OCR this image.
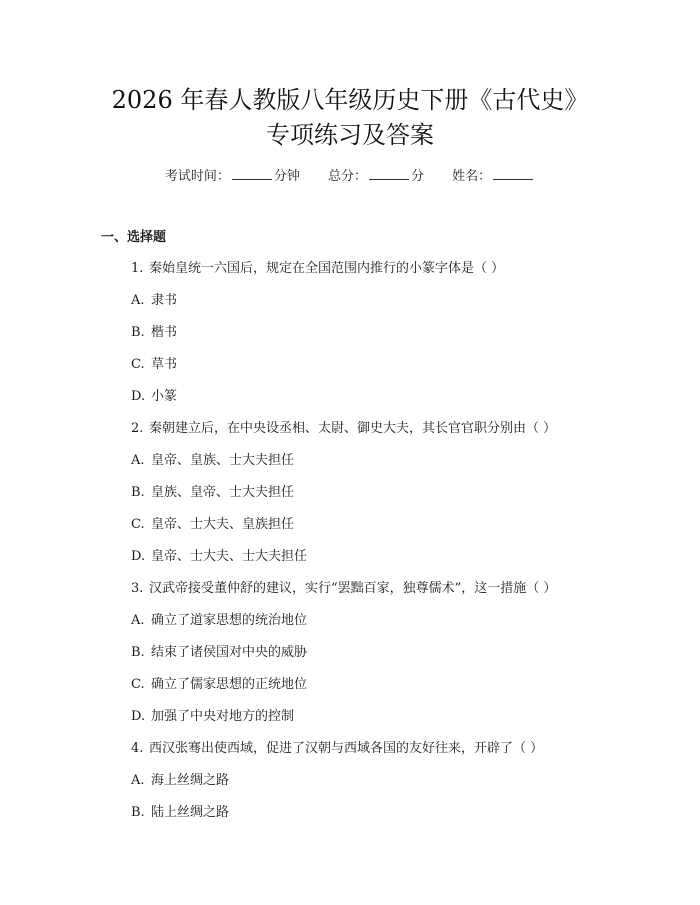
2026 年春人教版八年级历史下册《古代史》
专项练习及答案
考试时间：	分钟 总分：	分 姓名：
一、选择题
1. 秦始皇统一六国后，规定在全国范围内推行的小篆字体是（ ）
A. 隶书
B. 楷书
C. 草书
D. 小篆
2. 秦朝建立后，在中央设丞相、太尉、御史大夫，其长官官职分别由（ ）
A. 皇帝、皇族、士大夫担任
B. 皇族、皇帝、士大夫担任
C. 皇帝、士大夫、皇族担任
D. 皇帝、士大夫、士大夫担任
3. 汉武帝接受董仲舒的建议，实行“罢黜百家，独尊儒术”，这一措施（ ）
A. 确立了道家思想的统治地位
B. 结束了诸侯国对中央的威胁
C. 确立了儒家思想的正统地位
D. 加强了中央对地方的控制
4. 西汉张骞出使西域，促进了汉朝与西域各国的友好往来，开辟了（ ）
A. 海上丝绸之路
B. 陆上丝绸之路
